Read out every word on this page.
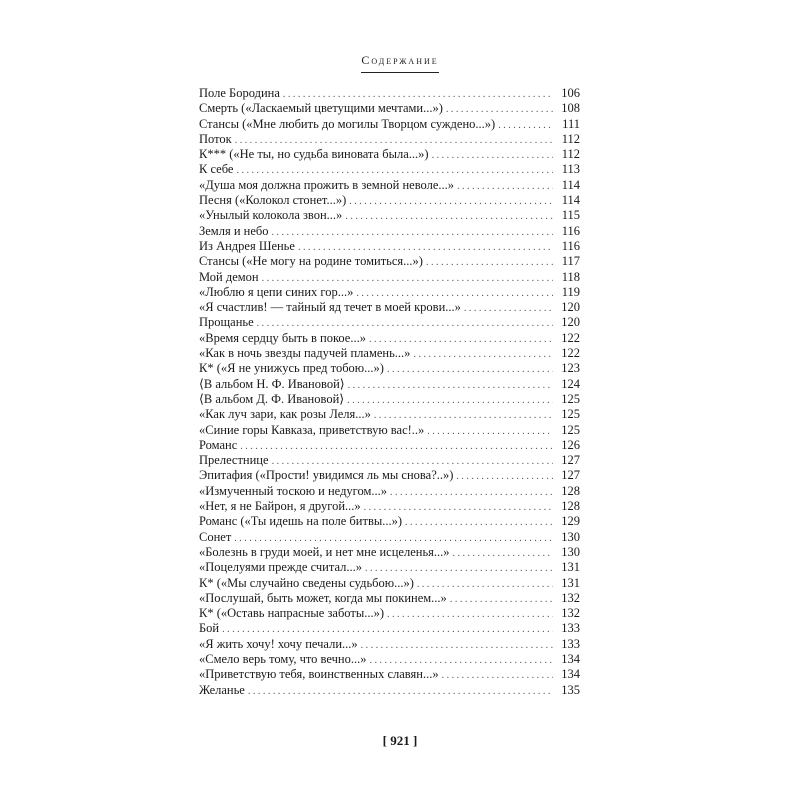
Содержание
Поле Бородина . . .	106
Смерть («Ласкаемый цветущими мечтами...») . . .	108
Стансы («Мне любить до могилы Творцом суждено...») . . .	111
Поток . . .	112
К*** («Не ты, но судьба виновата была...») . . .	112
К себе . . .	113
«Душа моя должна прожить в земной неволе...» . . .	114
Песня («Колокол стонет...») . . .	114
«Унылый колокола звон...» . . .	115
Земля и небо . . .	116
Из Андрея Шенье . . .	116
Стансы («Не могу на родине томиться...») . . .	117
Мой демон . . .	118
«Люблю я цепи синих гор...» . . .	119
«Я счастлив! — тайный яд течет в моей крови...» . . .	120
Прощанье . . .	120
«Время сердцу быть в покое...» . . .	122
«Как в ночь звезды падучей пламень...» . . .	122
К* («Я не унижусь пред тобою...») . . .	123
⟨В альбом Н. Ф. Ивановой⟩ . . .	124
⟨В альбом Д. Ф. Ивановой⟩ . . .	125
«Как луч зари, как розы Леля...» . . .	125
«Синие горы Кавказа, приветствую вас!..» . . .	125
Романс . . .	126
Прелестнице . . .	127
Эпитафия («Прости! увидимся ль мы снова?..») . . .	127
«Измученный тоскою и недугом...» . . .	128
«Нет, я не Байрон, я другой...» . . .	128
Романс («Ты идешь на поле битвы...») . . .	129
Сонет . . .	130
«Болезнь в груди моей, и нет мне исцеленья...» . . .	130
«Поцелуями прежде считал...» . . .	131
К* («Мы случайно сведены судьбою...») . . .	131
«Послушай, быть может, когда мы покинем...» . . .	132
К* («Оставь напрасные заботы...») . . .	132
Бой . . .	133
«Я жить хочу! хочу печали...» . . .	133
«Смело верь тому, что вечно...» . . .	134
«Приветствую тебя, воинственных славян...» . . .	134
Желанье . . .	135
[ 921 ]
